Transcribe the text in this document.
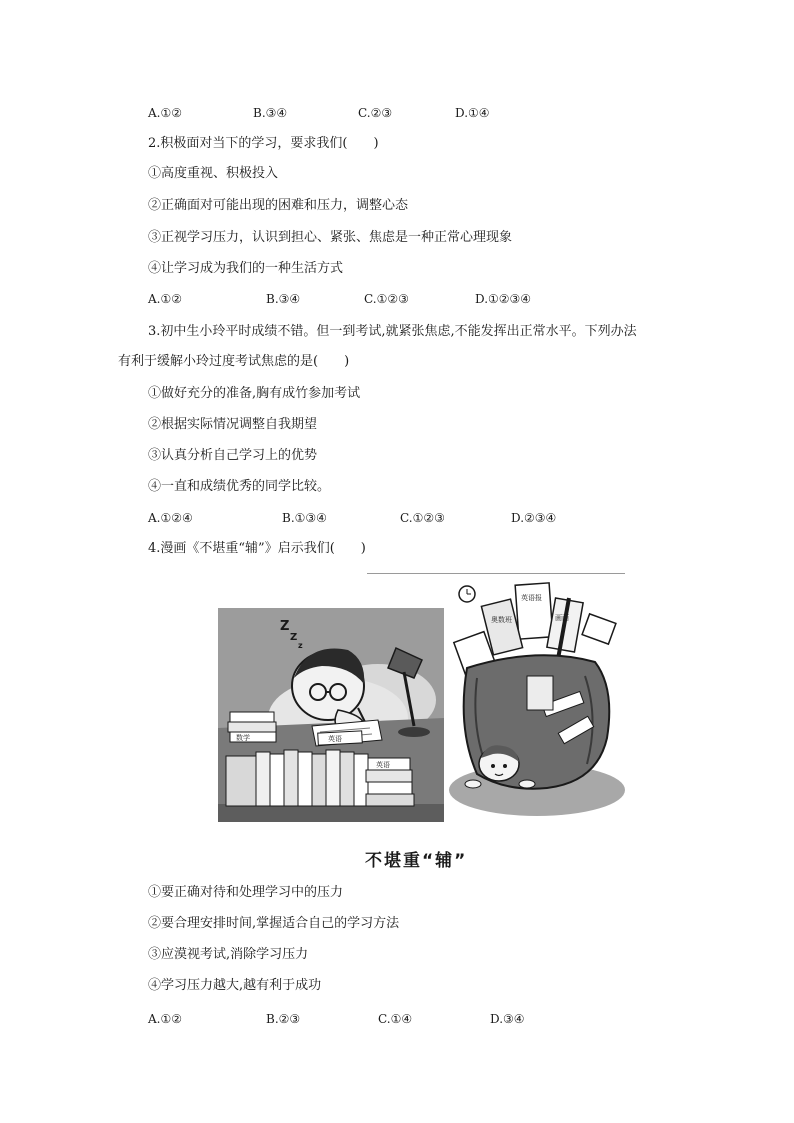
A.①②	B.③④	C.②③	D.①④
2.积极面对当下的学习，要求我们(　　)
①高度重视、积极投入
②正确面对可能出现的困难和压力，调整心态
③正视学习压力，认识到担心、紧张、焦虑是一种正常心理现象
④让学习成为我们的一种生活方式
A.①②	B.③④	C.①②③	D.①②③④
3.初中生小玲平时成绩不错。但一到考试,就紧张焦虑,不能发挥出正常水平。下列办法
有利于缓解小玲过度考试焦虑的是(　　)
①做好充分的准备,胸有成竹参加考试
②根据实际情况调整自我期望
③认真分析自己学习上的优势
④一直和成绩优秀的同学比较。
A.①②④	B.①③④	C.①②③	D.②③④
4.漫画《不堪重“辅”》启示我们(　　)
Z
Z
z
数学
英语
英语
英语报
奥数班	画画
不堪重“辅”
①要正确对待和处理学习中的压力
②要合理安排时间,掌握适合自己的学习方法
③应漠视考试,消除学习压力
④学习压力越大,越有利于成功
A.①②	B.②③	C.①④	D.③④
